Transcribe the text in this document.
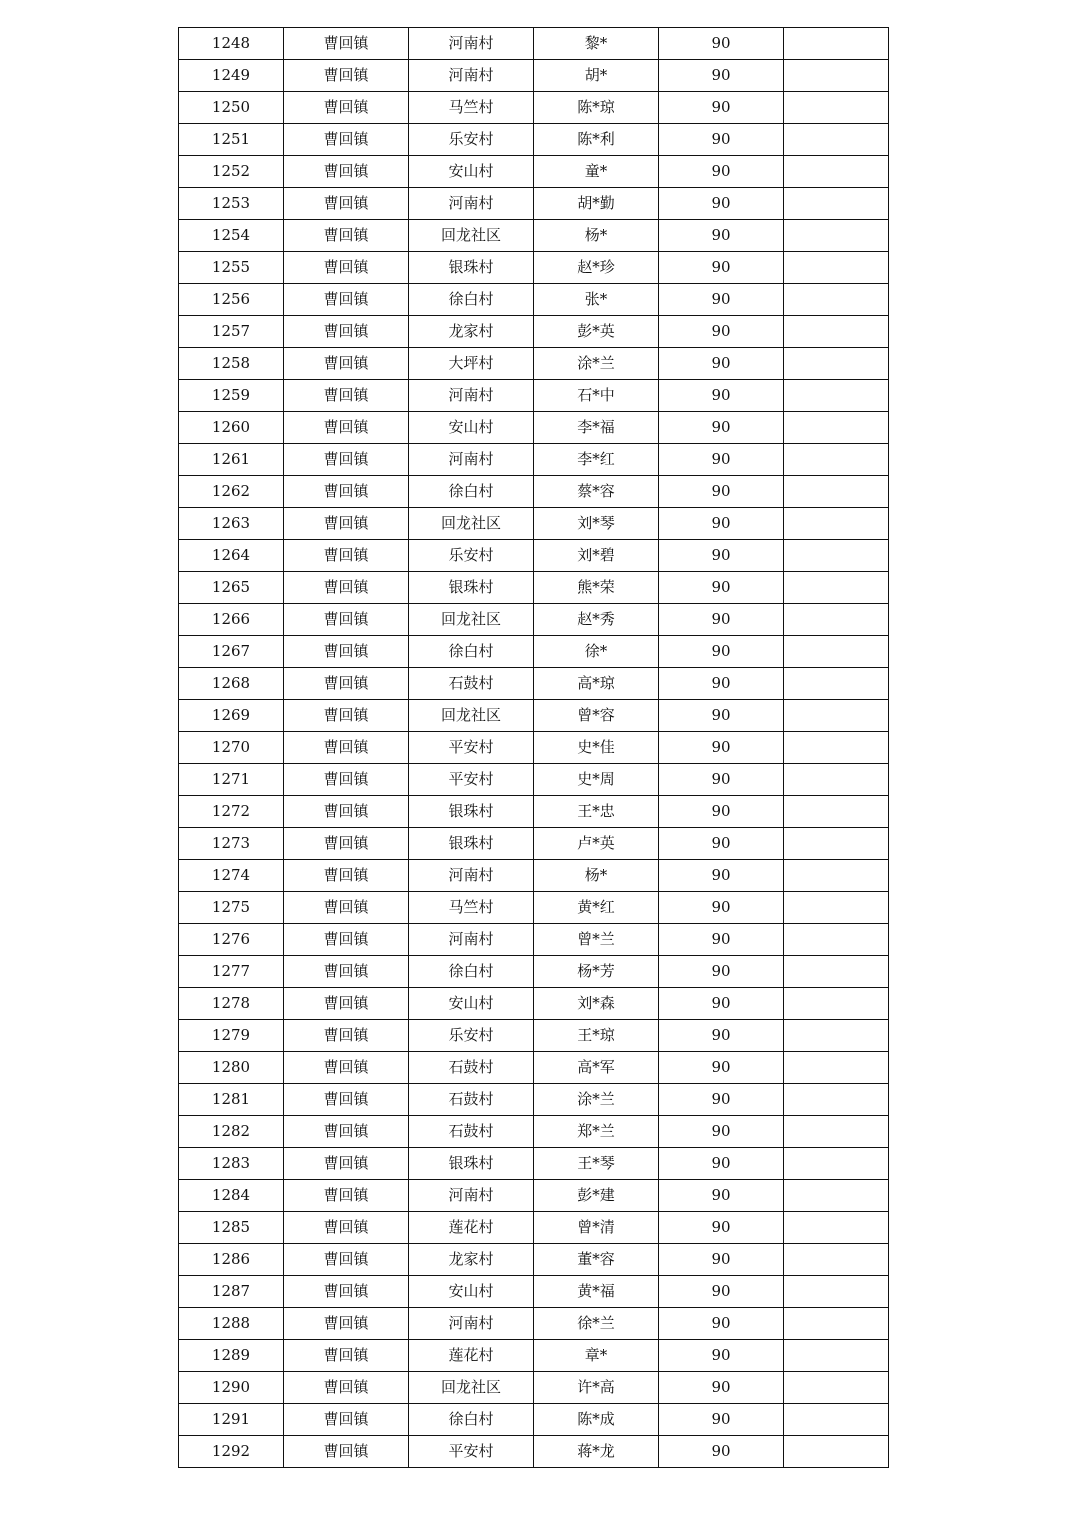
1248	曹回镇	河南村	黎*	90	
1249	曹回镇	河南村	胡*	90	
1250	曹回镇	马竺村	陈*琼	90	
1251	曹回镇	乐安村	陈*利	90	
1252	曹回镇	安山村	童*	90	
1253	曹回镇	河南村	胡*勤	90	
1254	曹回镇	回龙社区	杨*	90	
1255	曹回镇	银珠村	赵*珍	90	
1256	曹回镇	徐白村	张*	90	
1257	曹回镇	龙家村	彭*英	90	
1258	曹回镇	大坪村	涂*兰	90	
1259	曹回镇	河南村	石*中	90	
1260	曹回镇	安山村	李*福	90	
1261	曹回镇	河南村	李*红	90	
1262	曹回镇	徐白村	蔡*容	90	
1263	曹回镇	回龙社区	刘*琴	90	
1264	曹回镇	乐安村	刘*碧	90	
1265	曹回镇	银珠村	熊*荣	90	
1266	曹回镇	回龙社区	赵*秀	90	
1267	曹回镇	徐白村	徐*	90	
1268	曹回镇	石鼓村	高*琼	90	
1269	曹回镇	回龙社区	曾*容	90	
1270	曹回镇	平安村	史*佳	90	
1271	曹回镇	平安村	史*周	90	
1272	曹回镇	银珠村	王*忠	90	
1273	曹回镇	银珠村	卢*英	90	
1274	曹回镇	河南村	杨*	90	
1275	曹回镇	马竺村	黄*红	90	
1276	曹回镇	河南村	曾*兰	90	
1277	曹回镇	徐白村	杨*芳	90	
1278	曹回镇	安山村	刘*森	90	
1279	曹回镇	乐安村	王*琼	90	
1280	曹回镇	石鼓村	高*军	90	
1281	曹回镇	石鼓村	涂*兰	90	
1282	曹回镇	石鼓村	郑*兰	90	
1283	曹回镇	银珠村	王*琴	90	
1284	曹回镇	河南村	彭*建	90	
1285	曹回镇	莲花村	曾*清	90	
1286	曹回镇	龙家村	董*容	90	
1287	曹回镇	安山村	黄*福	90	
1288	曹回镇	河南村	徐*兰	90	
1289	曹回镇	莲花村	章*	90	
1290	曹回镇	回龙社区	许*高	90	
1291	曹回镇	徐白村	陈*成	90	
1292	曹回镇	平安村	蒋*龙	90	
